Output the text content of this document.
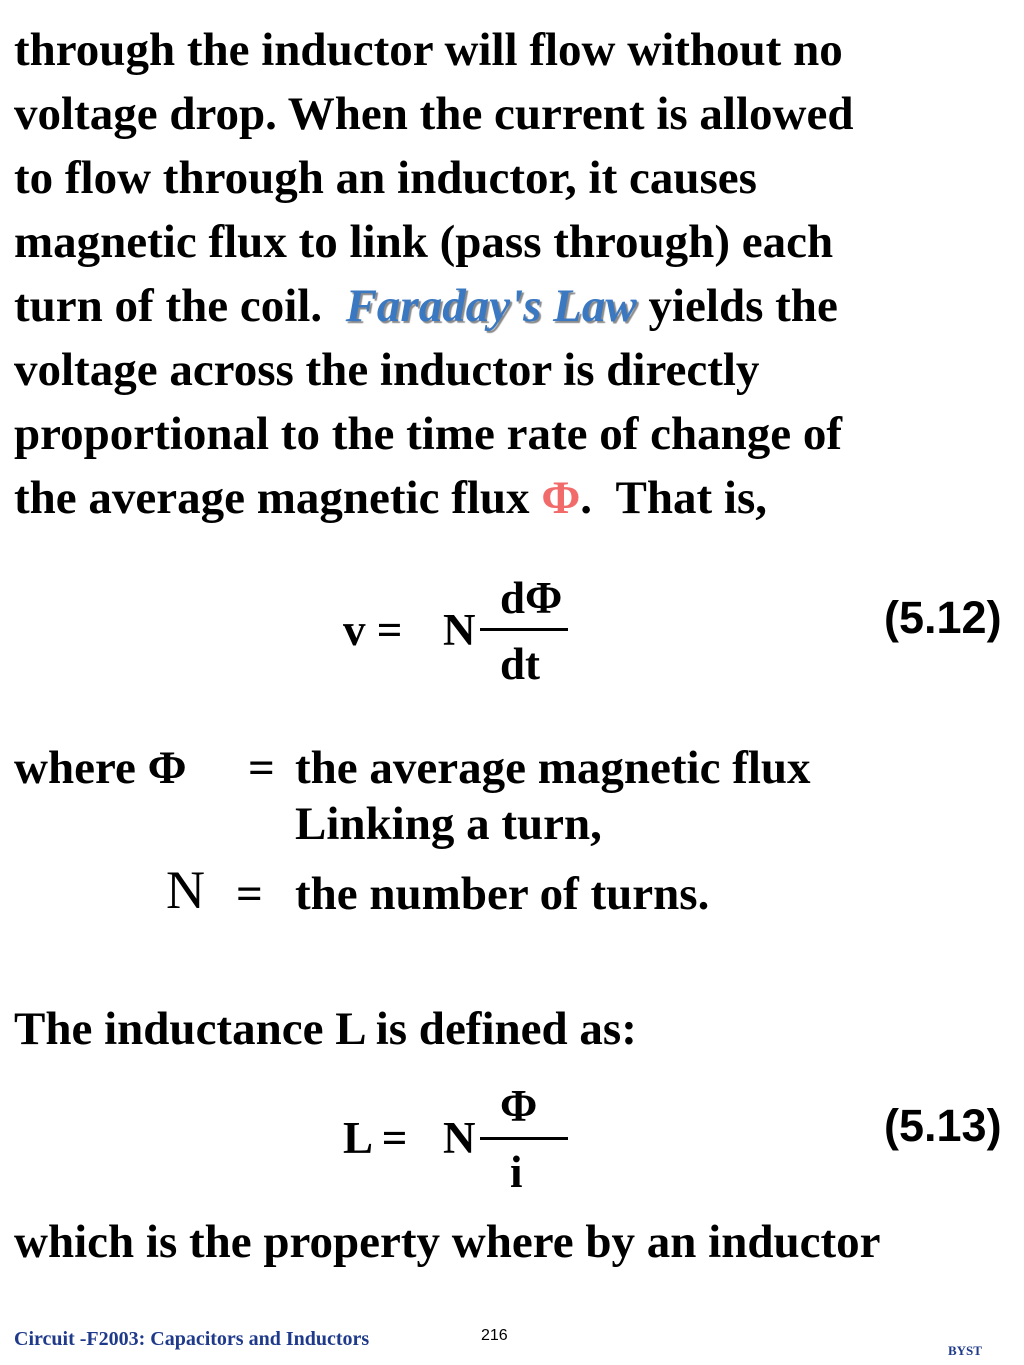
through the inductor will flow without no
voltage drop. When the current is allowed
to flow through an inductor, it causes
magnetic flux to link (pass through) each
turn of the coil.  Faraday's Law yields the
voltage across the inductor is directly
proportional to the time rate of change of
the average magnetic flux Φ.  That is,
v = N
dΦ
dt
(5.12)
where Φ = the average magnetic flux
Linking a turn,
N = the number of turns.
The inductance L is defined as:
L = N
Φ
i
(5.13)
which is the property where by an inductor
Circuit -F2003: Capacitors and Inductors	216
BYST
